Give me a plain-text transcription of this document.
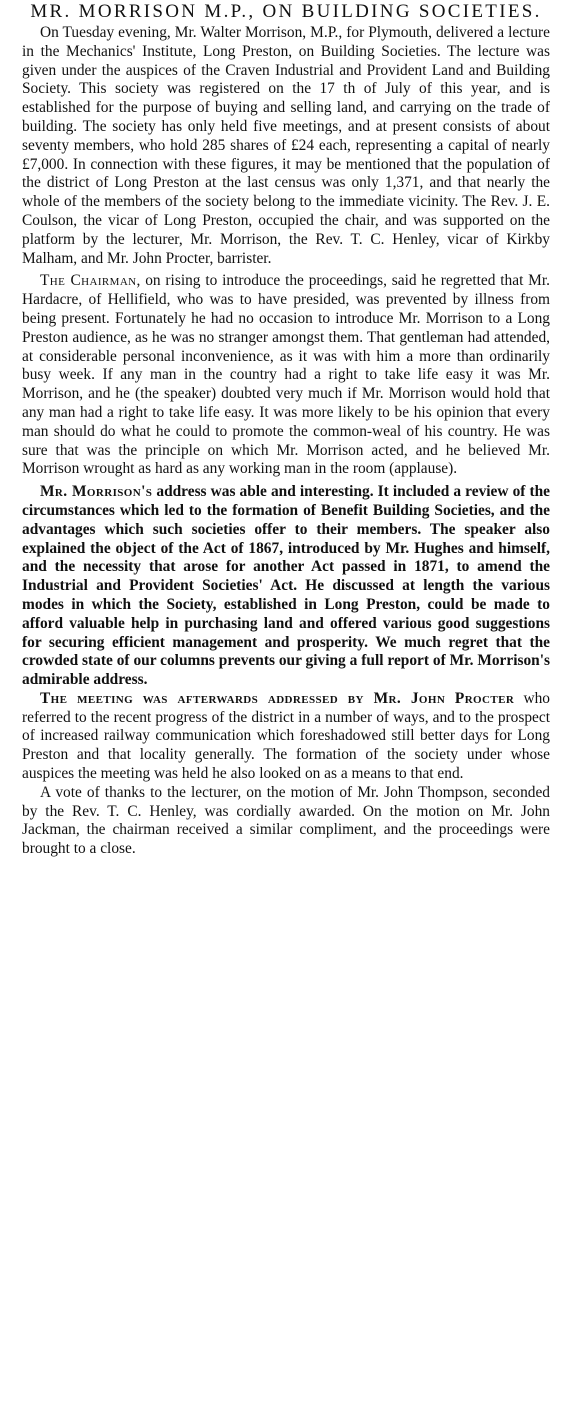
MR. MORRISON M.P., ON BUILDING SOCIETIES.

On Tuesday evening, Mr. Walter Morrison, M.P., for Plymouth, delivered a lecture in the Mechanics' Institute, Long Preston, on Building Societies. The lecture was given under the auspices of the Craven Industrial and Provident Land and Building Society. This society was registered on the 17 th of July of this year, and is established for the purpose of buying and selling land, and carrying on the trade of building. The society has only held five meetings, and at present consists of about seventy members, who hold 285 shares of £24 each, representing a capital of nearly £7,000. In connection with these figures, it may be mentioned that the population of the district of Long Preston at the last census was only 1,371, and that nearly the whole of the members of the society belong to the immediate vicinity. The Rev. J. E. Coulson, the vicar of Long Preston, occupied the chair, and was supported on the platform by the lecturer, Mr. Morrison, the Rev. T. C. Henley, vicar of Kirkby Malham, and Mr. John Procter, barrister.

The Chairman, on rising to introduce the proceedings, said he regretted that Mr. Hardacre, of Hellifield, who was to have presided, was prevented by illness from being present. Fortunately he had no occasion to introduce Mr. Morrison to a Long Preston audience, as he was no stranger amongst them. That gentleman had attended, at considerable personal inconvenience, as it was with him a more than ordinarily busy week. If any man in the country had a right to take life easy it was Mr. Morrison, and he (the speaker) doubted very much if Mr. Morrison would hold that any man had a right to take life easy. It was more likely to be his opinion that every man should do what he could to promote the common-weal of his country. He was sure that was the principle on which Mr. Morrison acted, and he believed Mr. Morrison wrought as hard as any working man in the room (applause).

Mr. Morrison's address was able and interesting. It included a review of the circumstances which led to the formation of Benefit Building Societies, and the advantages which such societies offer to their members. The speaker also explained the object of the Act of 1867, introduced by Mr. Hughes and himself, and the necessity that arose for another Act passed in 1871, to amend the Industrial and Provident Societies' Act. He discussed at length the various modes in which the Society, established in Long Preston, could be made to afford valuable help in purchasing land and offered various good suggestions for securing efficient management and prosperity. We much regret that the crowded state of our columns prevents our giving a full report of Mr. Morrison's admirable address.

The meeting was afterwards addressed by Mr. John Procter who referred to the recent progress of the district in a number of ways, and to the prospect of increased railway communication which foreshadowed still better days for Long Preston and that locality generally. The formation of the society under whose auspices the meeting was held he also looked on as a means to that end.

A vote of thanks to the lecturer, on the motion of Mr. John Thompson, seconded by the Rev. T. C. Henley, was cordially awarded. On the motion on Mr. John Jackman, the chairman received a similar compliment, and the proceedings were brought to a close.
